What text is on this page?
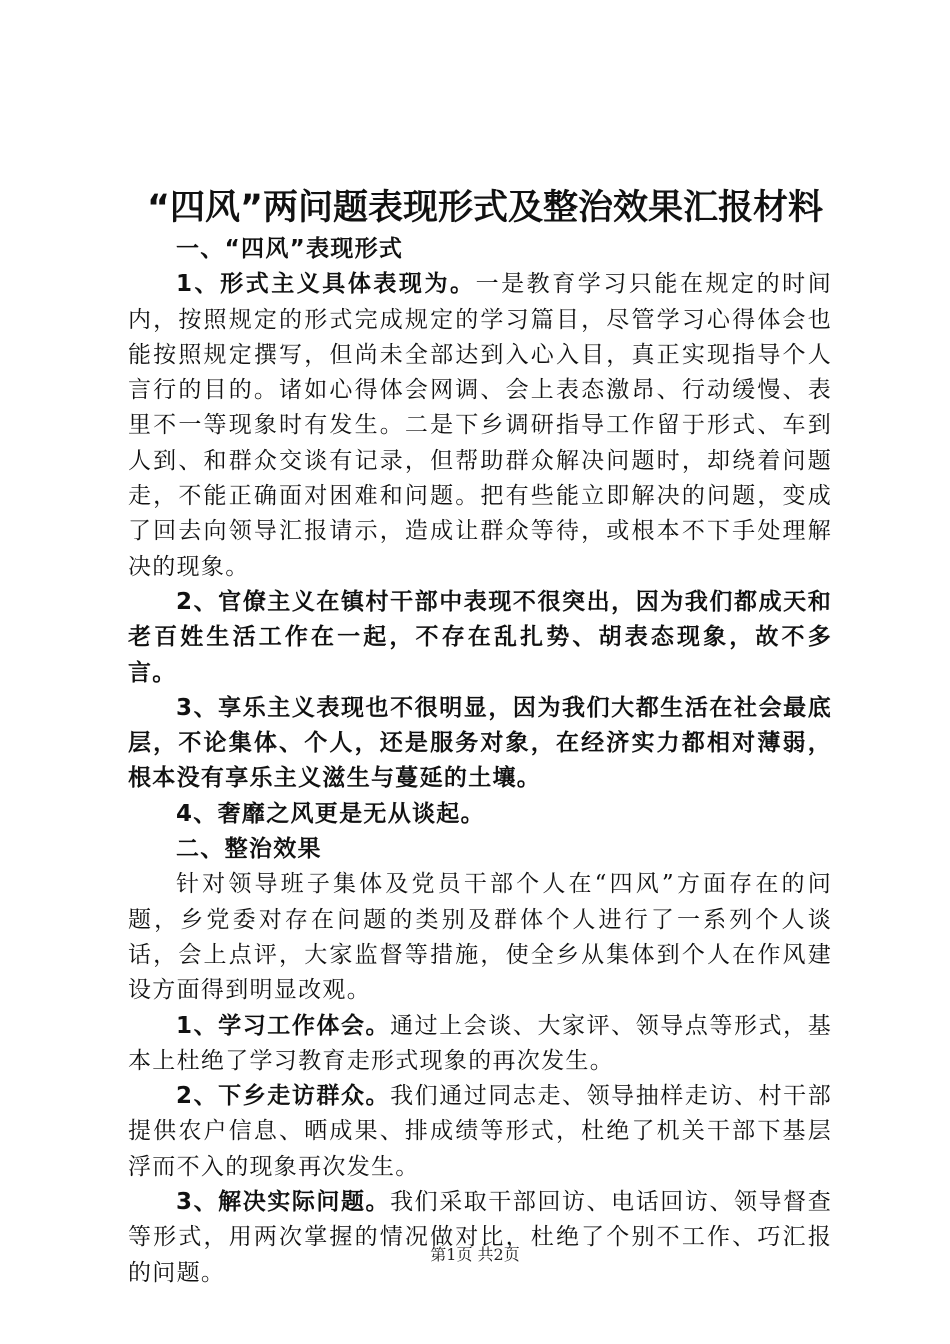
“四风”两问题表现形式及整治效果汇报材料

一、“四风”表现形式

1、形式主义具体表现为。一是教育学习只能在规定的时间内，按照规定的形式完成规定的学习篇目，尽管学习心得体会也能按照规定撰写，但尚未全部达到入心入目，真正实现指导个人言行的目的。诸如心得体会网调、会上表态激昂、行动缓慢、表里不一等现象时有发生。二是下乡调研指导工作留于形式、车到人到、和群众交谈有记录，但帮助群众解决问题时，却绕着问题走，不能正确面对困难和问题。把有些能立即解决的问题，变成了回去向领导汇报请示，造成让群众等待，或根本不下手处理解决的现象。

2、官僚主义在镇村干部中表现不很突出，因为我们都成天和老百姓生活工作在一起，不存在乱扎势、胡表态现象，故不多言。

3、享乐主义表现也不很明显，因为我们大都生活在社会最底层，不论集体、个人，还是服务对象，在经济实力都相对薄弱，根本没有享乐主义滋生与蔓延的土壤。

4、奢靡之风更是无从谈起。

二、整治效果

针对领导班子集体及党员干部个人在“四风”方面存在的问题，乡党委对存在问题的类别及群体个人进行了一系列个人谈话，会上点评，大家监督等措施，使全乡从集体到个人在作风建设方面得到明显改观。

1、学习工作体会。通过上会谈、大家评、领导点等形式，基本上杜绝了学习教育走形式现象的再次发生。

2、下乡走访群众。我们通过同志走、领导抽样走访、村干部提供农户信息、晒成果、排成绩等形式，杜绝了机关干部下基层浮而不入的现象再次发生。

3、解决实际问题。我们采取干部回访、电话回访、领导督查等形式，用两次掌握的情况做对比，杜绝了个别不工作、巧汇报的问题。

第1页 共2页
